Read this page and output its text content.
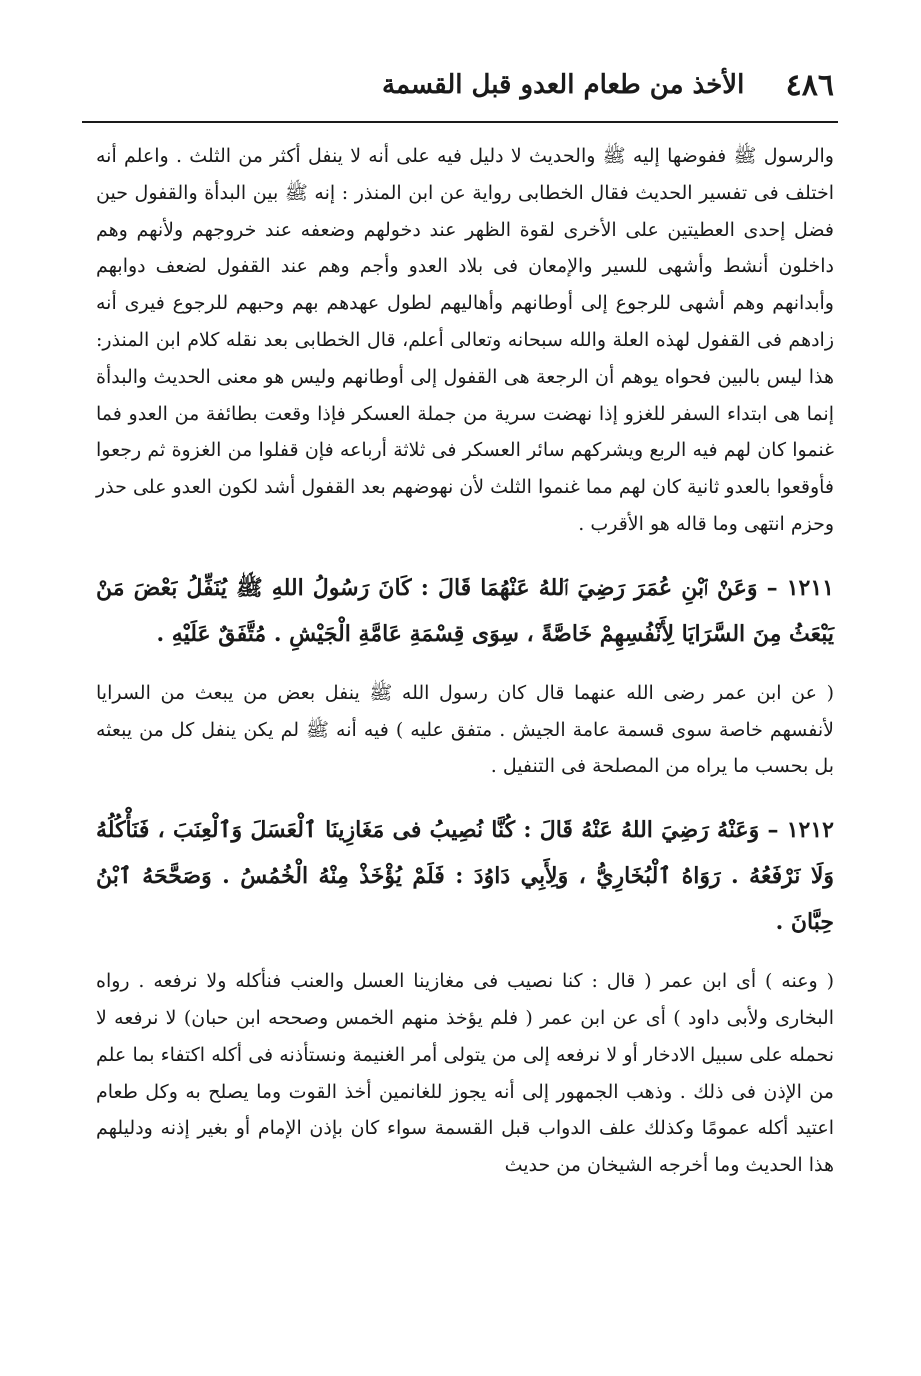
٤٨٦
الأخذ من طعام العدو قبل القسمة

والرسول ﷺ ففوضها إليه ﷺ والحديث لا دليل فيه على أنه لا ينفل أكثر من الثلث . واعلم أنه اختلف فى تفسير الحديث فقال الخطابى رواية عن ابن المنذر : إنه ﷺ بين البدأة والقفول حين فضل إحدى العطيتين على الأخرى لقوة الظهر عند دخولهم وضعفه عند خروجهم ولأنهم وهم داخلون أنشط وأشهى للسير والإمعان فى بلاد العدو وأجم وهم عند القفول لضعف دوابهم وأبدانهم وهم أشهى للرجوع إلى أوطانهم وأهاليهم لطول عهدهم بهم وحبهم للرجوع فيرى أنه زادهم فى القفول لهذه العلة والله سبحانه وتعالى أعلم، قال الخطابى بعد نقله كلام ابن المنذر: هذا ليس بالبين فحواه يوهم أن الرجعة هى القفول إلى أوطانهم وليس هو معنى الحديث والبدأة إنما هى ابتداء السفر للغزو إذا نهضت سرية من جملة العسكر فإذا وقعت بطائفة من العدو فما غنموا كان لهم فيه الربع ويشركهم سائر العسكر فى ثلاثة أرباعه فإن قفلوا من الغزوة ثم رجعوا فأوقعوا بالعدو ثانية كان لهم مما غنموا الثلث لأن نهوضهم بعد القفول أشد لكون العدو على حذر وحزم انتهى وما قاله هو الأقرب .

١٢١١ – وَعَنْ ٱبْنِ عُمَرَ رَضِيَ ٱللهُ عَنْهُمَا قَالَ : كَانَ رَسُولُ اللهِ ﷺ يُنَفِّلُ بَعْضَ مَنْ يَبْعَثُ مِنَ السَّرَايَا لِأَنْفُسِهِمْ خَاصَّةً ، سِوَى قِسْمَةِ عَامَّةِ الْجَيْشِ . مُتَّفَقٌ عَلَيْهِ .

( عن ابن عمر رضى الله عنهما قال كان رسول الله ﷺ ينفل بعض من يبعث من السرايا لأنفسهم خاصة سوى قسمة عامة الجيش . متفق عليه ) فيه أنه ﷺ لم يكن ينفل كل من يبعثه بل بحسب ما يراه من المصلحة فى التنفيل .

١٢١٢ – وَعَنْهُ رَضِيَ اللهُ عَنْهُ قَالَ : كُنَّا نُصِيبُ فى مَغَازِينَا ٱلْعَسَلَ وَٱلْعِنَبَ ، فَنَأْكُلُهُ وَلَا نَرْفَعُهُ . رَوَاهُ ٱلْبُخَارِيُّ ، وَلِأَبِي دَاوُدَ : فَلَمْ يُؤْخَذْ مِنْهُ الْخُمُسُ . وَصَحَّحَهُ ٱبْنُ حِبَّانَ .

( وعنه ) أى ابن عمر ( قال : كنا نصيب فى مغازينا العسل والعنب فنأكله ولا نرفعه . رواه البخارى ولأبى داود ) أى عن ابن عمر ( فلم يؤخذ منهم الخمس وصححه ابن حبان) لا نرفعه لا نحمله على سبيل الادخار أو لا نرفعه إلى من يتولى أمر الغنيمة ونستأذنه فى أكله اكتفاء بما علم من الإذن فى ذلك . وذهب الجمهور إلى أنه يجوز للغانمين أخذ القوت وما يصلح به وكل طعام اعتيد أكله عمومًا وكذلك علف الدواب قبل القسمة سواء كان بإذن الإمام أو بغير إذنه ودليلهم هذا الحديث وما أخرجه الشيخان من حديث
